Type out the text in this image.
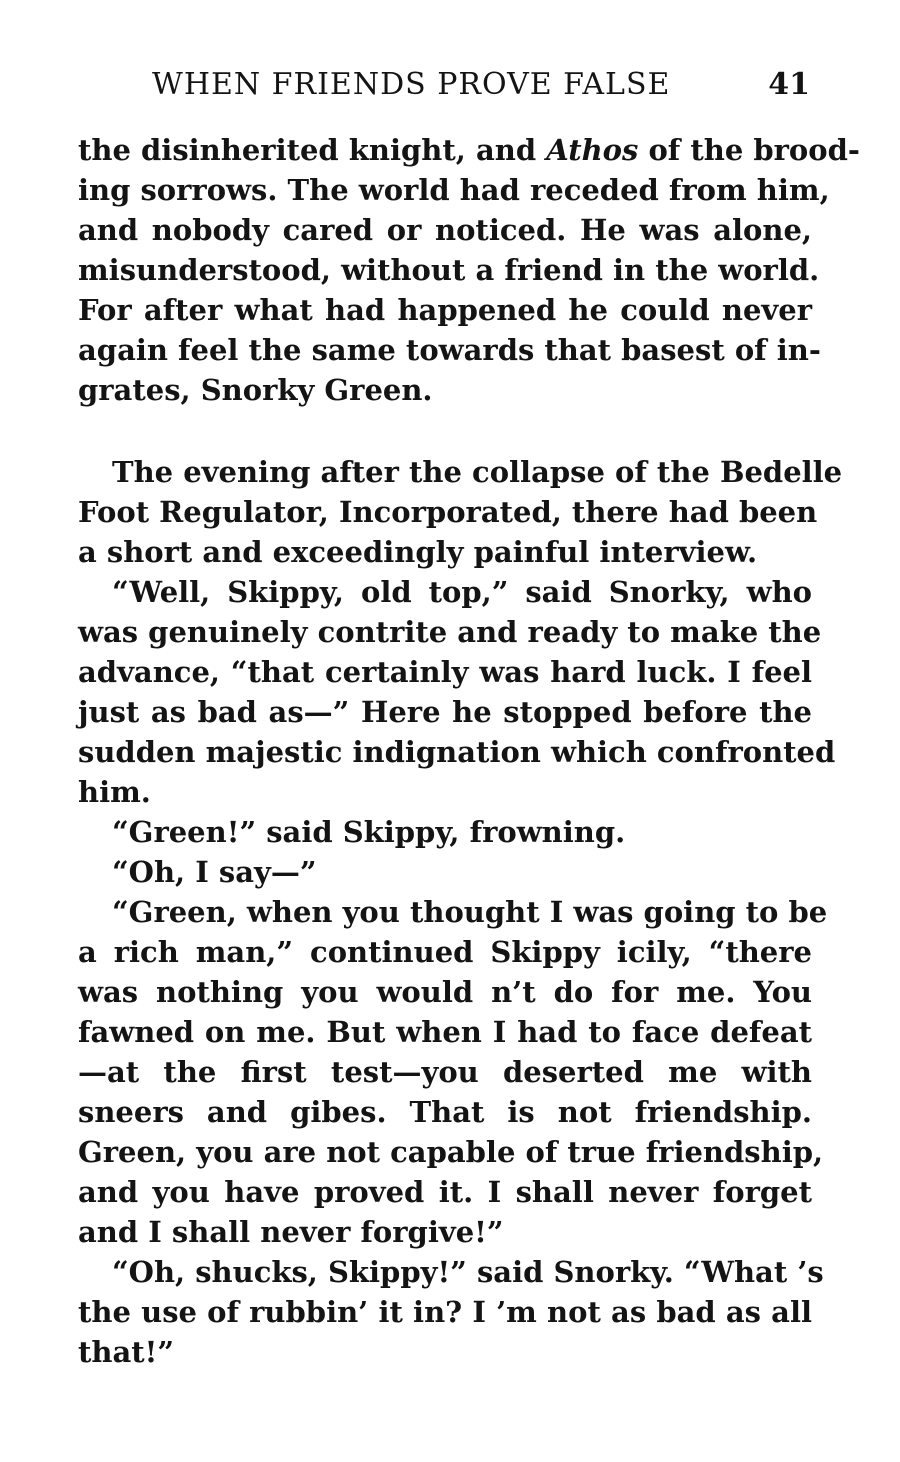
WHEN FRIENDS PROVE FALSE	41
the disinherited knight, and Athos of the brood-
ing sorrows. The world had receded from him,
and nobody cared or noticed. He was alone,
misunderstood, without a friend in the world.
For after what had happened he could never
again feel the same towards that basest of in-
grates, Snorky Green.
The evening after the collapse of the Bedelle
Foot Regulator, Incorporated, there had been
a short and exceedingly painful interview.
“Well, Skippy, old top,” said Snorky, who
was genuinely contrite and ready to make the
advance, “that certainly was hard luck. I feel
just as bad as—” Here he stopped before the
sudden majestic indignation which confronted
him.
“Green!” said Skippy, frowning.
“Oh, I say—”
“Green, when you thought I was going to be
a rich man,” continued Skippy icily, “there
was nothing you would n’t do for me. You
fawned on me. But when I had to face defeat
—at the first test—you deserted me with
sneers and gibes. That is not friendship.
Green, you are not capable of true friendship,
and you have proved it. I shall never forget
and I shall never forgive!”
“Oh, shucks, Skippy!” said Snorky. “What ’s
the use of rubbin’ it in? I ’m not as bad as all
that!”
